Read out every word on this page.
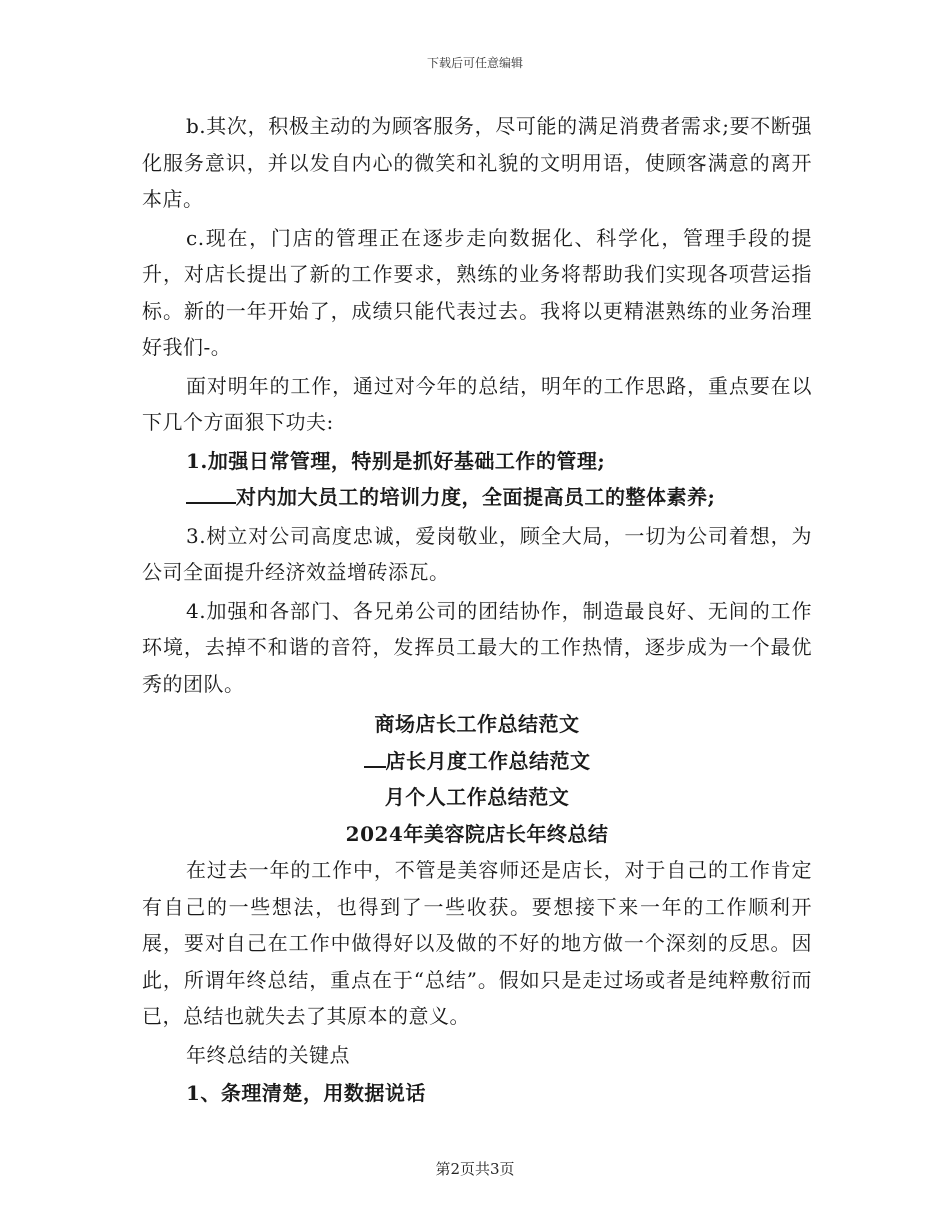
下载后可任意编辑

b.其次，积极主动的为顾客服务，尽可能的满足消费者需求;要不断强化服务意识，并以发自内心的微笑和礼貌的文明用语，使顾客满意的离开本店。

c.现在，门店的管理正在逐步走向数据化、科学化，管理手段的提升，对店长提出了新的工作要求，熟练的业务将帮助我们实现各项营运指标。新的一年开始了，成绩只能代表过去。我将以更精湛熟练的业务治理好我们-。

面对明年的工作，通过对今年的总结，明年的工作思路，重点要在以下几个方面狠下功夫:

1.加强日常管理，特别是抓好基础工作的管理;

对内加大员工的培训力度，全面提高员工的整体素养;

3.树立对公司高度忠诚，爱岗敬业，顾全大局，一切为公司着想，为公司全面提升经济效益增砖添瓦。

4.加强和各部门、各兄弟公司的团结协作，制造最良好、无间的工作环境，去掉不和谐的音符，发挥员工最大的工作热情，逐步成为一个最优秀的团队。

商场店长工作总结范文

店长月度工作总结范文

月个人工作总结范文

2024年美容院店长年终总结

在过去一年的工作中，不管是美容师还是店长，对于自己的工作肯定有自己的一些想法，也得到了一些收获。要想接下来一年的工作顺利开展，要对自己在工作中做得好以及做的不好的地方做一个深刻的反思。因此，所谓年终总结，重点在于“总结”。假如只是走过场或者是纯粹敷衍而已，总结也就失去了其原本的意义。

年终总结的关键点

1、条理清楚，用数据说话

第2页共3页
